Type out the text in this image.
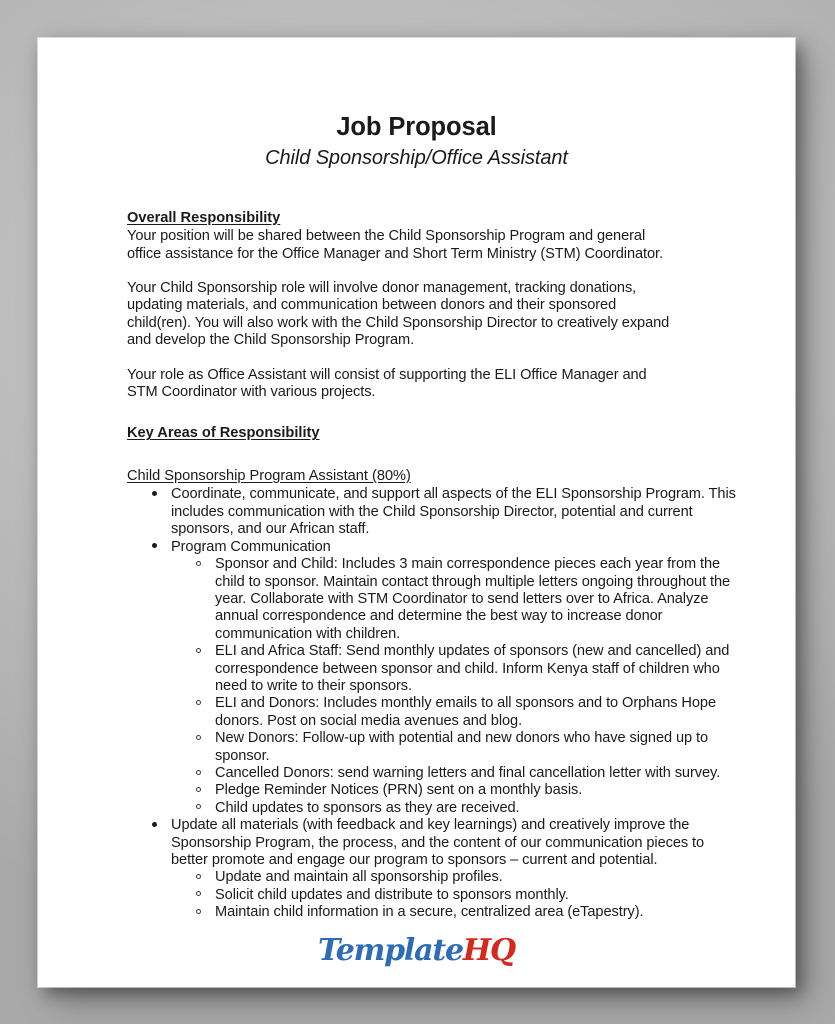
Job Proposal
Child Sponsorship/Office Assistant
Overall Responsibility

Your position will be shared between the Child Sponsorship Program and general office assistance for the Office Manager and Short Term Ministry (STM) Coordinator.

Your Child Sponsorship role will involve donor management, tracking donations, updating materials, and communication between donors and their sponsored child(ren). You will also work with the Child Sponsorship Director to creatively expand and develop the Child Sponsorship Program.

Your role as Office Assistant will consist of supporting the ELI Office Manager and STM Coordinator with various projects.

Key Areas of Responsibility
Child Sponsorship Program Assistant (80%)
Coordinate, communicate, and support all aspects of the ELI Sponsorship Program. This includes communication with the Child Sponsorship Director, potential and current sponsors, and our African staff.
Program Communication
Sponsor and Child: Includes 3 main correspondence pieces each year from the child to sponsor. Maintain contact through multiple letters ongoing throughout the year. Collaborate with STM Coordinator to send letters over to Africa. Analyze annual correspondence and determine the best way to increase donor communication with children.
ELI and Africa Staff: Send monthly updates of sponsors (new and cancelled) and correspondence between sponsor and child. Inform Kenya staff of children who need to write to their sponsors.
ELI and Donors: Includes monthly emails to all sponsors and to Orphans Hope donors. Post on social media avenues and blog.
New Donors: Follow-up with potential and new donors who have signed up to sponsor.
Cancelled Donors: send warning letters and final cancellation letter with survey.
Pledge Reminder Notices (PRN) sent on a monthly basis.
Child updates to sponsors as they are received.
Update all materials (with feedback and key learnings) and creatively improve the Sponsorship Program, the process, and the content of our communication pieces to better promote and engage our program to sponsors – current and potential.
Update and maintain all sponsorship profiles.
Solicit child updates and distribute to sponsors monthly.
Maintain child information in a secure, centralized area (eTapestry).
TemplateHQ
